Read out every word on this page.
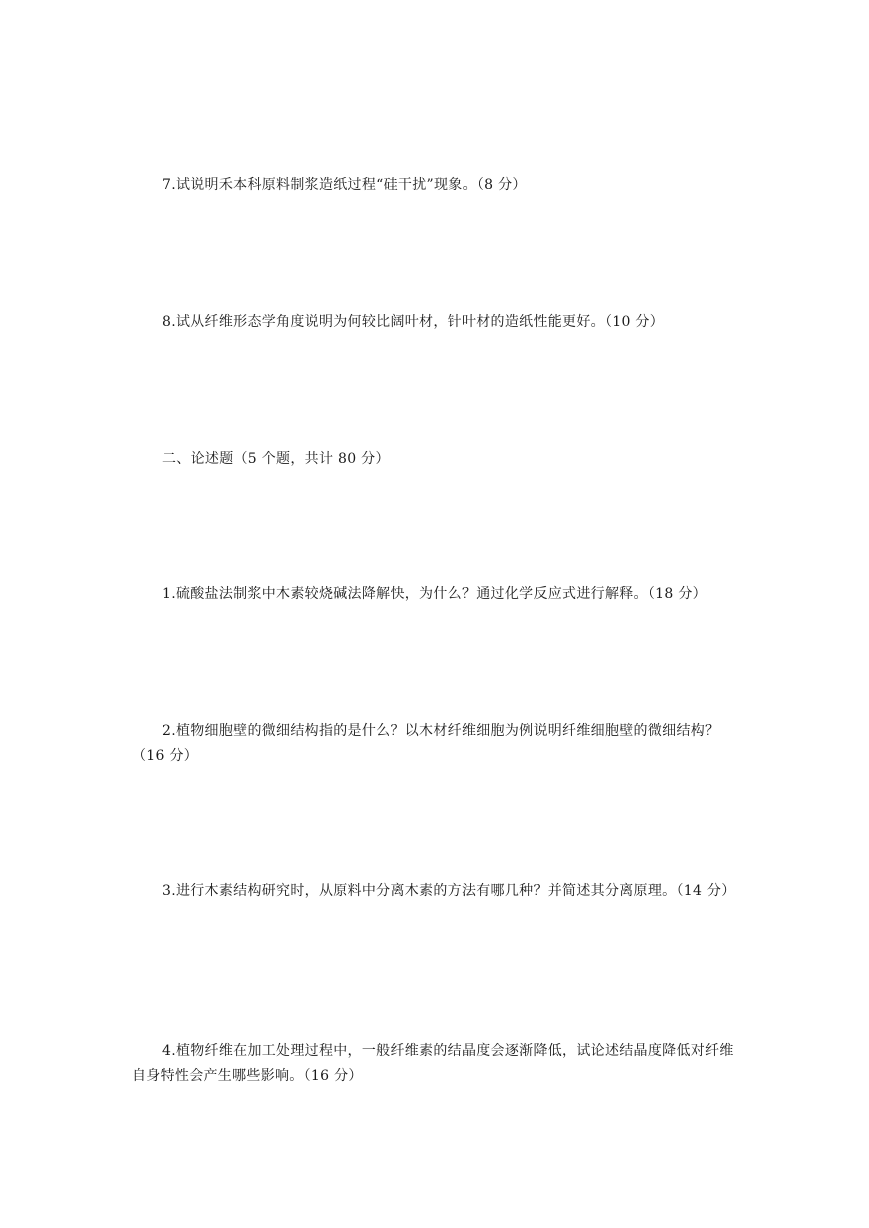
7.试说明禾本科原料制浆造纸过程“硅干扰”现象。（8 分）

8.试从纤维形态学角度说明为何较比阔叶材，针叶材的造纸性能更好。（10 分）

二、论述题（5 个题，共计 80 分）

1.硫酸盐法制浆中木素较烧碱法降解快，为什么？通过化学反应式进行解释。（18 分）

2.植物细胞壁的微细结构指的是什么？以木材纤维细胞为例说明纤维细胞壁的微细结构？（16 分）

3.进行木素结构研究时，从原料中分离木素的方法有哪几种？并简述其分离原理。（14 分）

4.植物纤维在加工处理过程中，一般纤维素的结晶度会逐渐降低，试论述结晶度降低对纤维自身特性会产生哪些影响。（16 分）
